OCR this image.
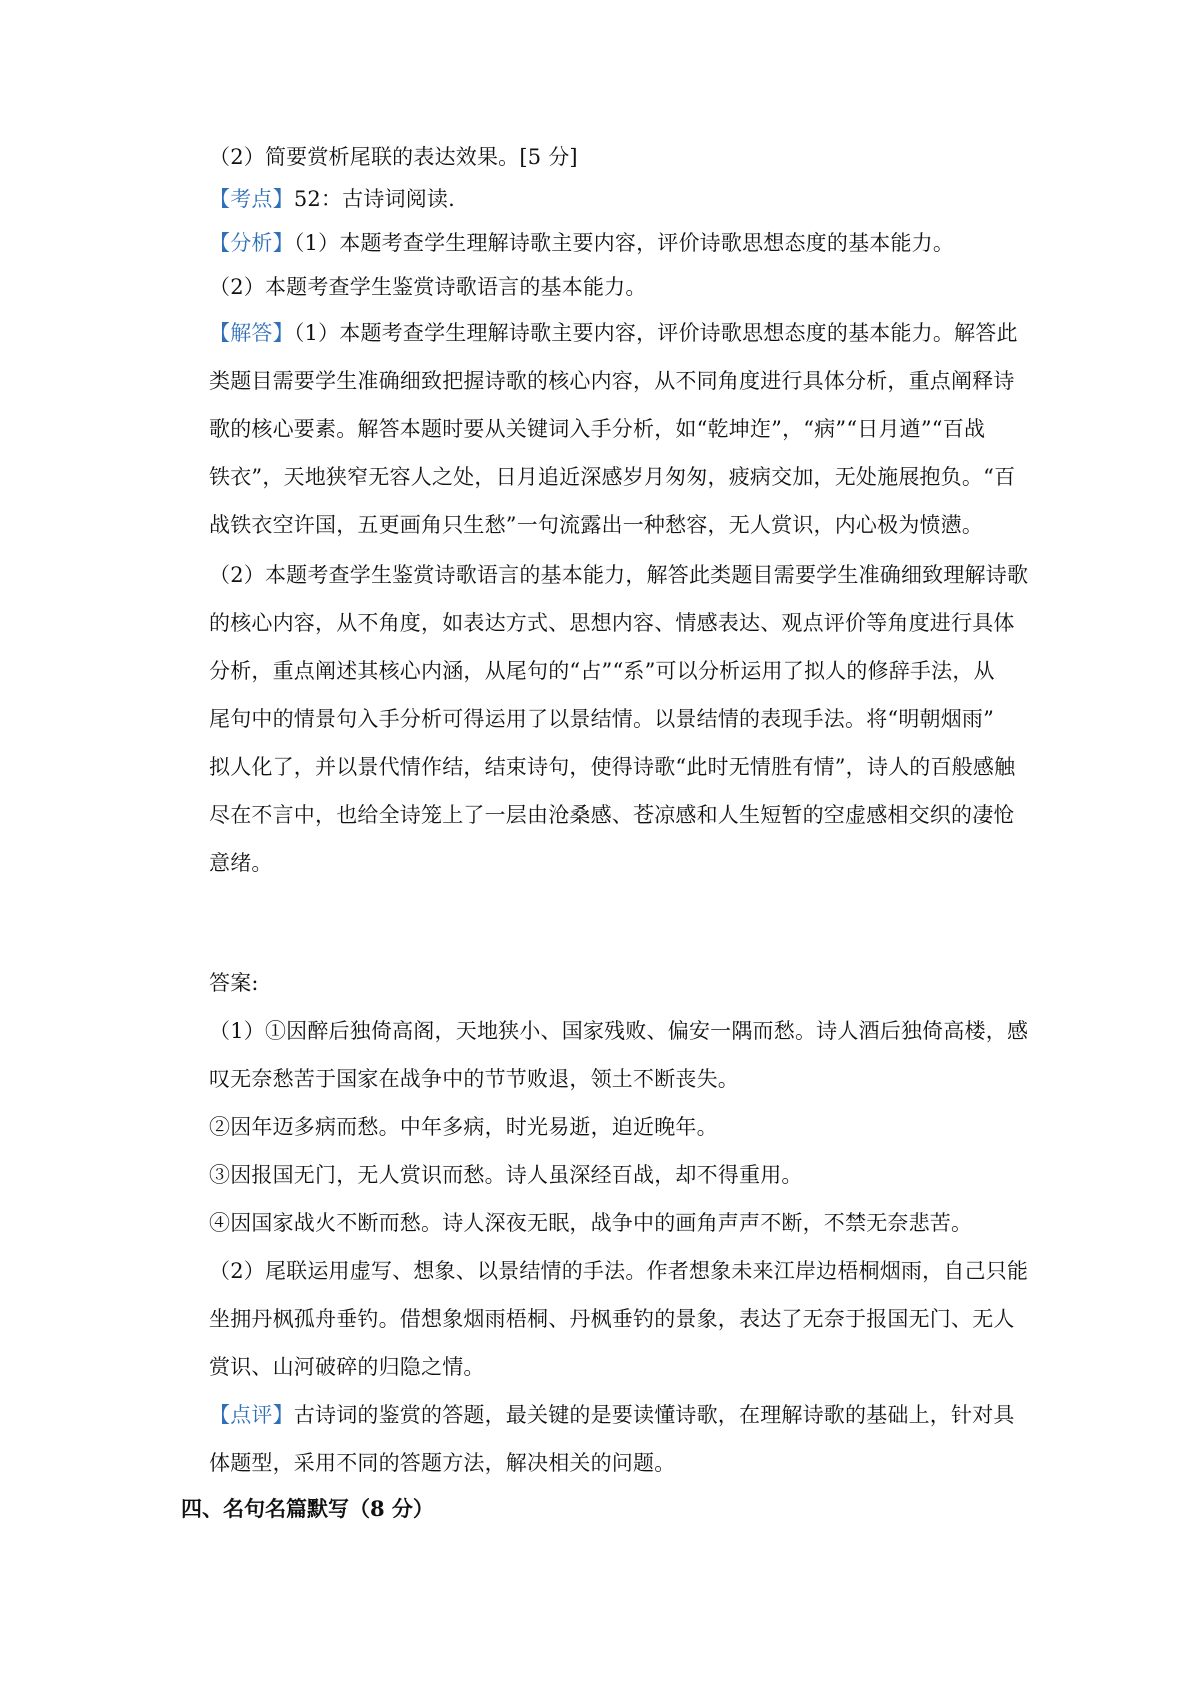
（2）简要赏析尾联的表达效果。[5 分]
【考点】52：古诗词阅读.
【分析】（1）本题考查学生理解诗歌主要内容，评价诗歌思想态度的基本能力。
（2）本题考查学生鉴赏诗歌语言的基本能力。
【解答】（1）本题考查学生理解诗歌主要内容，评价诗歌思想态度的基本能力。解答此
类题目需要学生准确细致把握诗歌的核心内容，从不同角度进行具体分析，重点阐释诗
歌的核心要素。解答本题时要从关键词入手分析，如“乾坤迮”，“病”“日月遒”“百战
铁衣”，天地狭窄无容人之处，日月追近深感岁月匆匆，疲病交加，无处施展抱负。“百
战铁衣空许国，五更画角只生愁”一句流露出一种愁容，无人赏识，内心极为愤懑。
（2）本题考查学生鉴赏诗歌语言的基本能力，解答此类题目需要学生准确细致理解诗歌
的核心内容，从不角度，如表达方式、思想内容、情感表达、观点评价等角度进行具体
分析，重点阐述其核心内涵，从尾句的“占”“系”可以分析运用了拟人的修辞手法，从
尾句中的情景句入手分析可得运用了以景结情。以景结情的表现手法。将“明朝烟雨”
拟人化了，并以景代情作结，结束诗句，使得诗歌“此时无情胜有情”，诗人的百般感触
尽在不言中，也给全诗笼上了一层由沧桑感、苍凉感和人生短暂的空虚感相交织的凄怆
意绪。
答案:
（1）①因醉后独倚高阁，天地狭小、国家残败、偏安一隅而愁。诗人酒后独倚高楼，感
叹无奈愁苦于国家在战争中的节节败退，领土不断丧失。
②因年迈多病而愁。中年多病，时光易逝，迫近晚年。
③因报国无门，无人赏识而愁。诗人虽深经百战，却不得重用。
④因国家战火不断而愁。诗人深夜无眠，战争中的画角声声不断，不禁无奈悲苦。
（2）尾联运用虚写、想象、以景结情的手法。作者想象未来江岸边梧桐烟雨，自己只能
坐拥丹枫孤舟垂钓。借想象烟雨梧桐、丹枫垂钓的景象，表达了无奈于报国无门、无人
赏识、山河破碎的归隐之情。
【点评】古诗词的鉴赏的答题，最关键的是要读懂诗歌，在理解诗歌的基础上，针对具
体题型，采用不同的答题方法，解决相关的问题。
四、名句名篇默写（8 分）
